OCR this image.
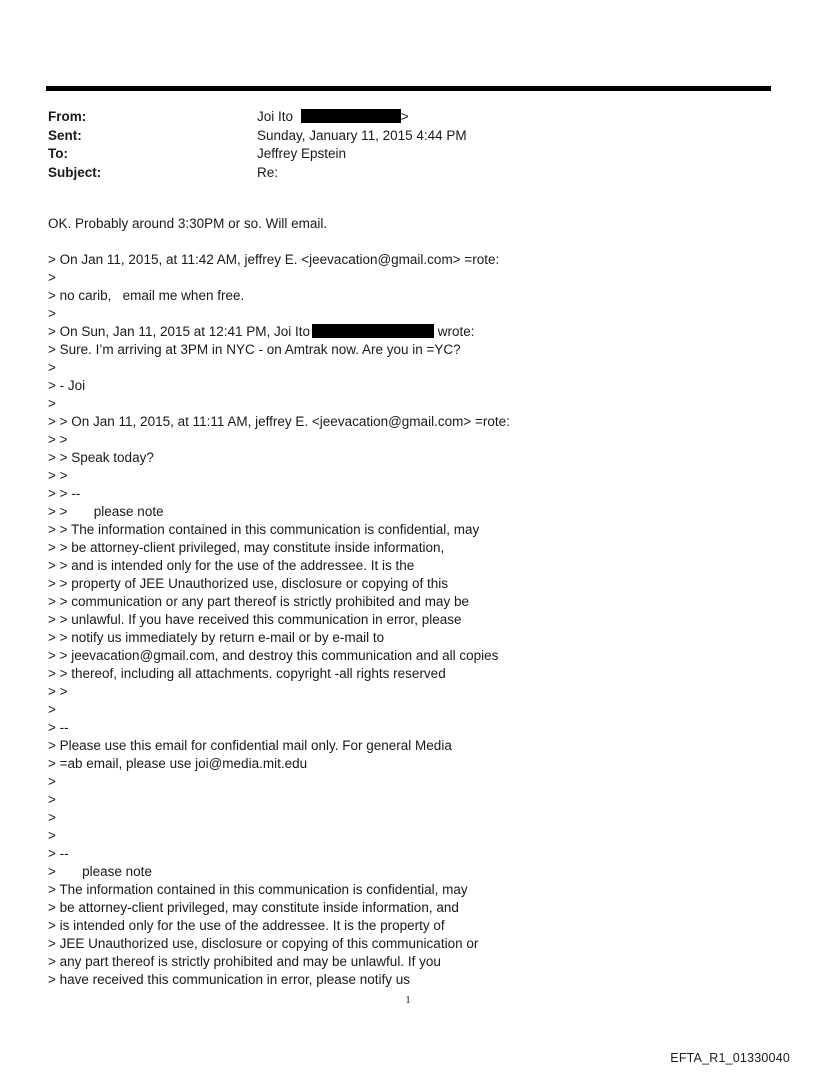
From:	Joi Ito	>
Sent:	Sunday, January 11, 2015 4:44 PM
To:	Jeffrey Epstein
Subject:	Re:
OK. Probably around 3:30PM or so. Will email.
> On Jan 11, 2015, at 11:42 AM, jeffrey E. <jeevacation@gmail.com> =rote:
>
> no carib,   email me when free.
>
> On Sun, Jan 11, 2015 at 12:41 PM, Joi Ito	wrote:
> Sure. I’m arriving at 3PM in NYC - on Amtrak now. Are you in =YC?
>
> - Joi
>
> > On Jan 11, 2015, at 11:11 AM, jeffrey E. <jeevacation@gmail.com> =rote:
> >
> > Speak today?
> >
> > --
> >       please note
> > The information contained in this communication is confidential, may
> > be attorney-client privileged, may constitute inside information,
> > and is intended only for the use of the addressee. It is the
> > property of JEE Unauthorized use, disclosure or copying of this
> > communication or any part thereof is strictly prohibited and may be
> > unlawful. If you have received this communication in error, please
> > notify us immediately by return e-mail or by e-mail to
> > jeevacation@gmail.com, and destroy this communication and all copies
> > thereof, including all attachments. copyright -all rights reserved
> >
>
> --
> Please use this email for confidential mail only. For general Media
> =ab email, please use joi@media.mit.edu
>
>
>
>
> --
>       please note
> The information contained in this communication is confidential, may
> be attorney-client privileged, may constitute inside information, and
> is intended only for the use of the addressee. It is the property of
> JEE Unauthorized use, disclosure or copying of this communication or
> any part thereof is strictly prohibited and may be unlawful. If you
> have received this communication in error, please notify us
1
EFTA_R1_01330040
